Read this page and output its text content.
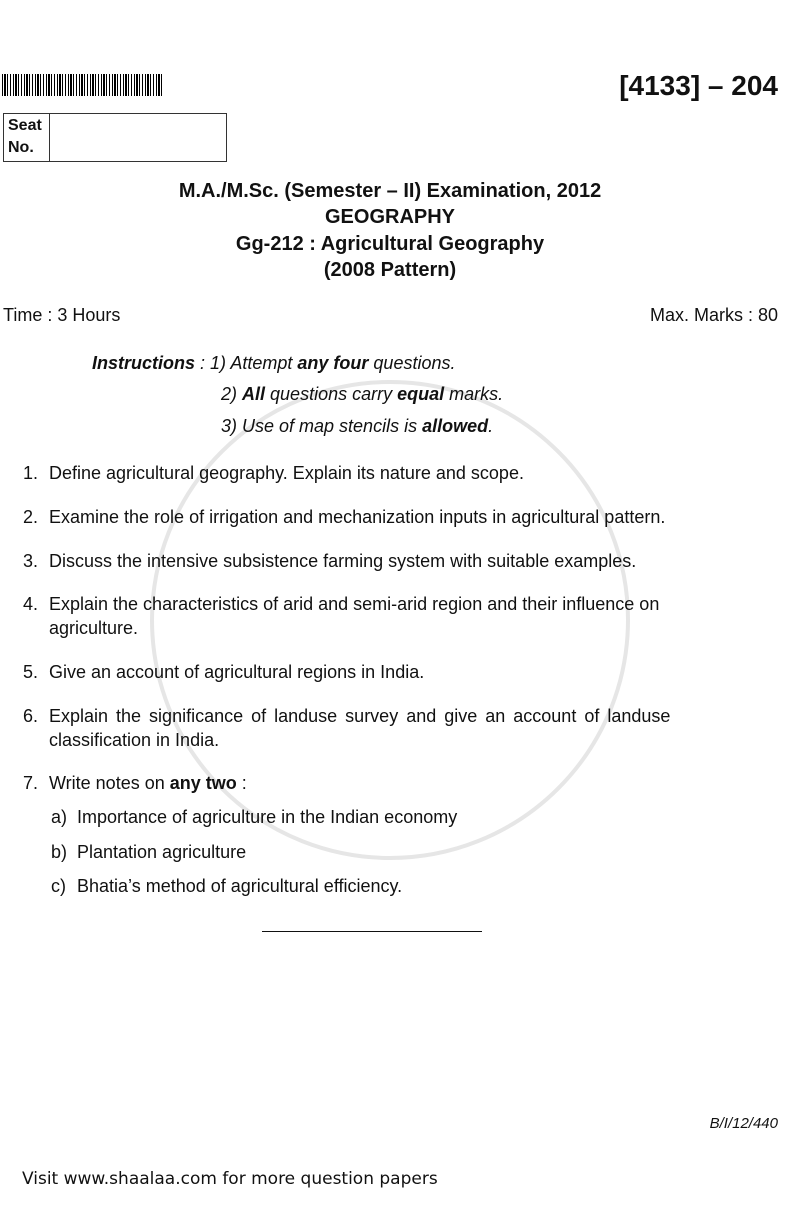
[4133] – 204
Seat No.
M.A./M.Sc. (Semester – II) Examination, 2012
GEOGRAPHY
Gg-212 : Agricultural Geography
(2008 Pattern)
Time : 3 Hours	Max. Marks : 80
Instructions : 1) Attempt any four questions.
2) All questions carry equal marks.
3) Use of map stencils is allowed.
1. Define agricultural geography. Explain its nature and scope.
2. Examine the role of irrigation and mechanization inputs in agricultural pattern.
3. Discuss the intensive subsistence farming system with suitable examples.
4. Explain the characteristics of arid and semi-arid region and their influence on
agriculture.
5. Give an account of agricultural regions in India.
6. Explain the significance of landuse survey and give an account of landuse
classification in India.
7. Write notes on any two :
a) Importance of agriculture in the Indian economy
b) Plantation agriculture
c) Bhatia’s method of agricultural efficiency.
B/I/12/440
Visit www.shaalaa.com for more question papers
